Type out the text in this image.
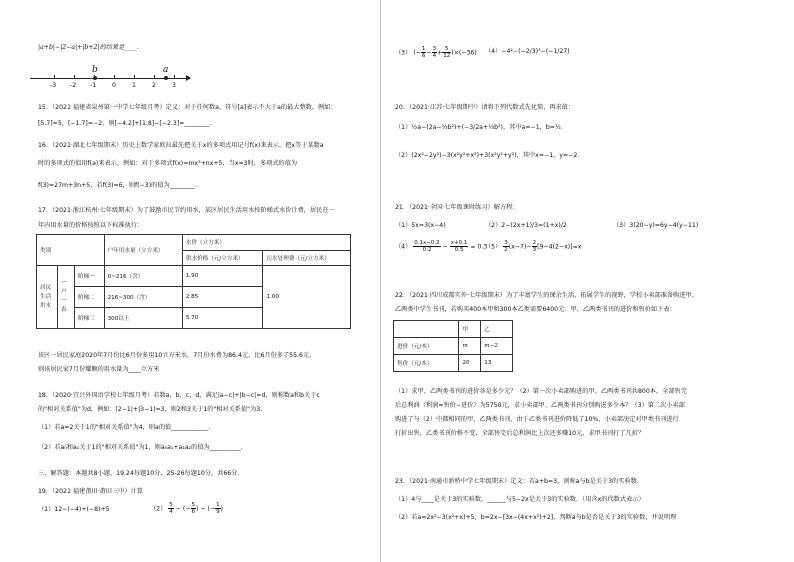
|a+b|−|2−a|+|b+2|的结果是____．
b	a
-3 -2 -1	0	1	2	3
15．（2021·福建省泉州第一中学七年级月考）定义：对于任何数a，符号[a]表示不大于a的最大整数，例如：
[5.7]=5，[−1.7]=−2，则[−4.2]+[1.8]−[−2.3]=________．
16．（2021·湖北七年级期末）历史上数学家欧拉最先把关于x的多项式用记号f(x)来表示，把x等于某数a
时的多项式的值用f(a)来表示，例如：对于多项式f(x)=mx³+nx+5，当x=3时，多项式的值为
f(3)=27m+3n+5，若f(3)=6，则f(−3)的值为________．
17．（2021·浙江杭州·七年级期末）为了鼓励市民节约用水，某区居民生活用水按阶梯式水价计费，居民在一
年内用水量的价格按照以下标准执行：
类别			户年用水量（立方米）	水价（立方米）	
				供水价格（元/立方米）	污水处理费（元/立方米）
居民生活用水	一户一表	阶梯一	0~216（含）	1.90	1.00
		阶梯二	216~300（含）	2.85	
		阶梯三	300以上	5.70	
该区一居民家庭2020年7月份比6月份多用10立方米水，7月份水费为86.4元，比6月份多了55.6元，
则该居民家7月份耀顺的用水量为____立方米
18．（2020·宜兴外国语学校七年级月考）若数a，b，c，d，满足|a−c|+|b−c|=d，则称数a和b关于c
的"相对关系值"为d，例如：|2−1|+|3−1|=3，则2和3关于1的"相对关系值"为3．
（1）若a=2关于1的"相对关系值"为4，则a的值____________．
（2）若a₀和a₁关于1的"相对关系值"为1，则a₀a₁+a₁a₂的值为__________．
三、解答题：本题共8小题，19.24每题10分，25-26每题10分，共66分．
19．（2021·福建莆田·莆田三中）计算
（1）12−(−4)+(−8)+5	$(2) \frac{5}{4}$ − (− $\frac{5}{6}$ ) − (− $\frac{1}{9}$ )
（3） (− $\frac{1}{6} - \frac{3}{4} + \frac{5}{12} )\times(-36)$ （4）−4²−(−2/3)³−(−1/27)
20．（2021·江苏·七年级期中）请将下列代数式先化简，再求值：
（1）½a−(2a−⅔b²)+(−3/2a+⅓b²)，其中a=−1，b=½．
（2）(2x²−2y²)−3(x²y²+x²)+3(x²y²+y²)，其中x=−1，y=−2．
21．（2021·全国·七年级课时练习）解方程：
（1）5x=3(x−4)	（2）2−(2x+1)/3=(1+x)/2	（3）3(20−y)=6y−4(y−11)
$(4) \frac{0.1x-0.2}{0.2} - \frac{x+0.1}{0.5} = 0.3$
$(5) \frac{3}{2} (x-7)- \frac{2}{3} [9-4(2-x)]=x$
22．（2021·四川成都实外·七年级期末）为了丰富学生的课余生活，拓展学生的视野，学校小卖部准备购进甲、
乙两类中学生书刊，若购买400本甲和300本乙类需要6400元．甲、乙两类书刊的进价和售价如下表：
	甲	乙
进价（元/本）	m	m−2
售价（元/本）	20	13
（1）求甲、乙两类书刊的进价各是多少元？（2）第一次小卖部购进的甲、乙两类书刊共800本，全部售完
后总利润（利润=售价−进价）为5750元，求小卖部甲、乙两类书刊分别购进多少本？（3）第二次小卖部
购进了与（2）中都相同的甲、乙两类书刊，由于乙类书刊进价降低了10%，小卖部决定对甲类书刊进行
打折出售，乙类书刊价格不变，全部售完后总利润比上次还多赚10元，求甲书刊打了几折？
23．（2021·南通市新桥中学七年级期末）定义：若a+b=3，则称a与b是关于3的实验数．
（1）4与____是关于3的实验数，______与5−2x是关于3的实验数．（用含x的代数式表示）
（2）若a=2x²−3(x²+x)+5，b=2x−[3x−(4x+x²)+2]，判断a与b是否是关于3的实验数，并说明理
